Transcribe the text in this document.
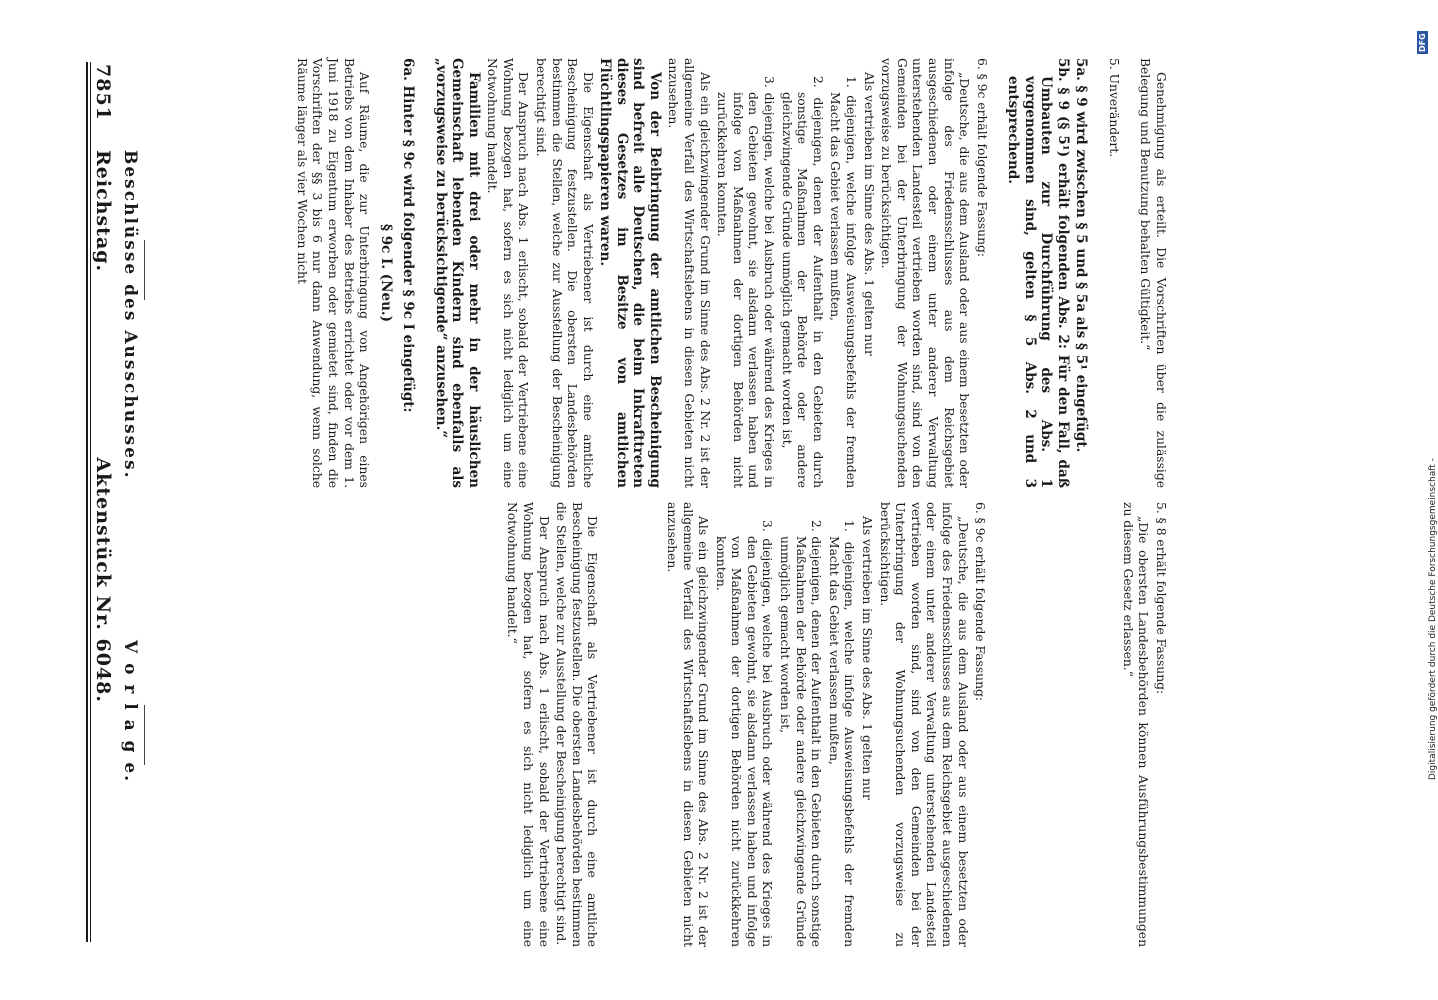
Reichstag.  Aktenstück Nr. 6048.
7851
V o r l a g e.
Beschlüsse des Ausschusses.

5. § 8 erhält folgende Fassung:

„Die obersten Landesbehörden können Ausführungsbestimmungen zu diesem Gesetz erlassen.“

6. § 9c erhält folgende Fassung:

„Deutsche, die aus dem Ausland oder aus einem besetzten oder infolge des Friedensschlusses aus dem Reichsgebiet ausgeschiedenen oder einem unter anderer Verwaltung unterstehenden Landesteil vertrieben worden sind, sind von den Gemeinden bei der Unterbringung der Wohnungsuchenden vorzugsweise zu berücksichtigen.

Als vertrieben im Sinne des Abs. 1 gelten nur

1. diejenigen, welche infolge Ausweisungsbefehls der fremden Macht das Gebiet verlassen mußten,

2. diejenigen, denen der Aufenthalt in den Gebieten durch sonstige Maßnahmen der Behörde oder andere gleichzwingende Gründe unmöglich gemacht worden ist,

3. diejenigen, welche bei Ausbruch oder während des Krieges in den Gebieten gewohnt, sie alsdann verlassen haben und infolge von Maßnahmen der dortigen Behörden nicht zurückkehren konnten.

Als ein gleichzwingender Grund im Sinne des Abs. 2 Nr. 2 ist der allgemeine Verfall des Wirtschaftslebens in diesen Gebieten nicht anzusehen.

Die Eigenschaft als Vertriebener ist durch eine amtliche Bescheinigung festzustellen. Die obersten Landesbehörden bestimmen die Stellen, welche zur Ausstellung der Bescheinigung berechtigt sind.

Der Anspruch nach Abs. 1 erlischt, sobald der Vertriebene eine Wohnung bezogen hat, sofern es sich nicht lediglich um eine Notwohnung handelt.“

Genehmigung als erteilt. Die Vorschriften über die zulässige Belegung und Benutzung behalten Gültigkeit.“

5. Unverändert.

5a. § 9 wird zwischen § 5 und § 5a als § 5¹ eingefügt.

5b. § 9 (§ 5¹) erhält folgenden Abs. 2: Für den Fall, daß Umbauten zur Durchführung des Abs. 1 vorgenommen sind, gelten § 5 Abs. 2 und 3 entsprechend.

6. § 9c erhält folgende Fassung:

„Deutsche, die aus dem Ausland oder aus einem besetzten oder infolge des Friedensschlusses aus dem Reichsgebiet ausgeschiedenen oder einem unter anderer Verwaltung unterstehenden Landesteil vertrieben worden sind, sind von den Gemeinden bei der Unterbringung der Wohnungsuchenden vorzugsweise zu berücksichtigen.

Als vertrieben im Sinne des Abs. 1 gelten nur

1. diejenigen, welche infolge Ausweisungsbefehls der fremden Macht das Gebiet verlassen mußten,

2. diejenigen, denen der Aufenthalt in den Gebieten durch sonstige Maßnahmen der Behörde oder andere gleichzwingende Gründe unmöglich gemacht worden ist,

3. diejenigen, welche bei Ausbruch oder während des Krieges in den Gebieten gewohnt, sie alsdann verlassen haben und infolge von Maßnahmen der dortigen Behörden nicht zurückkehren konnten.

Als ein gleichzwingender Grund im Sinne des Abs. 2 Nr. 2 ist der allgemeine Verfall des Wirtschaftslebens in diesen Gebieten nicht anzusehen.

Von der Beibringung der amtlichen Bescheinigung sind befreit alle Deutschen, die beim Inkrafttreten dieses Gesetzes im Besitze von amtlichen Flüchtlingspapieren waren.

Die Eigenschaft als Vertriebener ist durch eine amtliche Bescheinigung festzustellen. Die obersten Landesbehörden bestimmen die Stellen, welche zur Ausstellung der Bescheinigung berechtigt sind.

Der Anspruch nach Abs. 1 erlischt, sobald der Vertriebene eine Wohnung bezogen hat, sofern es sich nicht lediglich um eine Notwohnung handelt.

Familien mit drei oder mehr in der häuslichen Gemeinschaft lebenden Kindern sind ebenfalls als „vorzugsweise zu berücksichtigende“ anzusehen.“

6a. Hinter § 9c wird folgender § 9c I eingefügt:

§ 9c I. (Neu.)

Auf Räume, die zur Unterbringung von Angehörigen eines Betriebs von dem Inhaber des Betriebs errichtet oder vor dem 1. Juni 1918 zu Eigentum erworben oder gemietet sind, finden die Vorschriften der §§ 3 bis 6 nur dann Anwendung, wenn solche Räume länger als vier Wochen nicht

Digitalisierung gefördert durch die Deutsche Forschungsgemeinschaft -
DFG
